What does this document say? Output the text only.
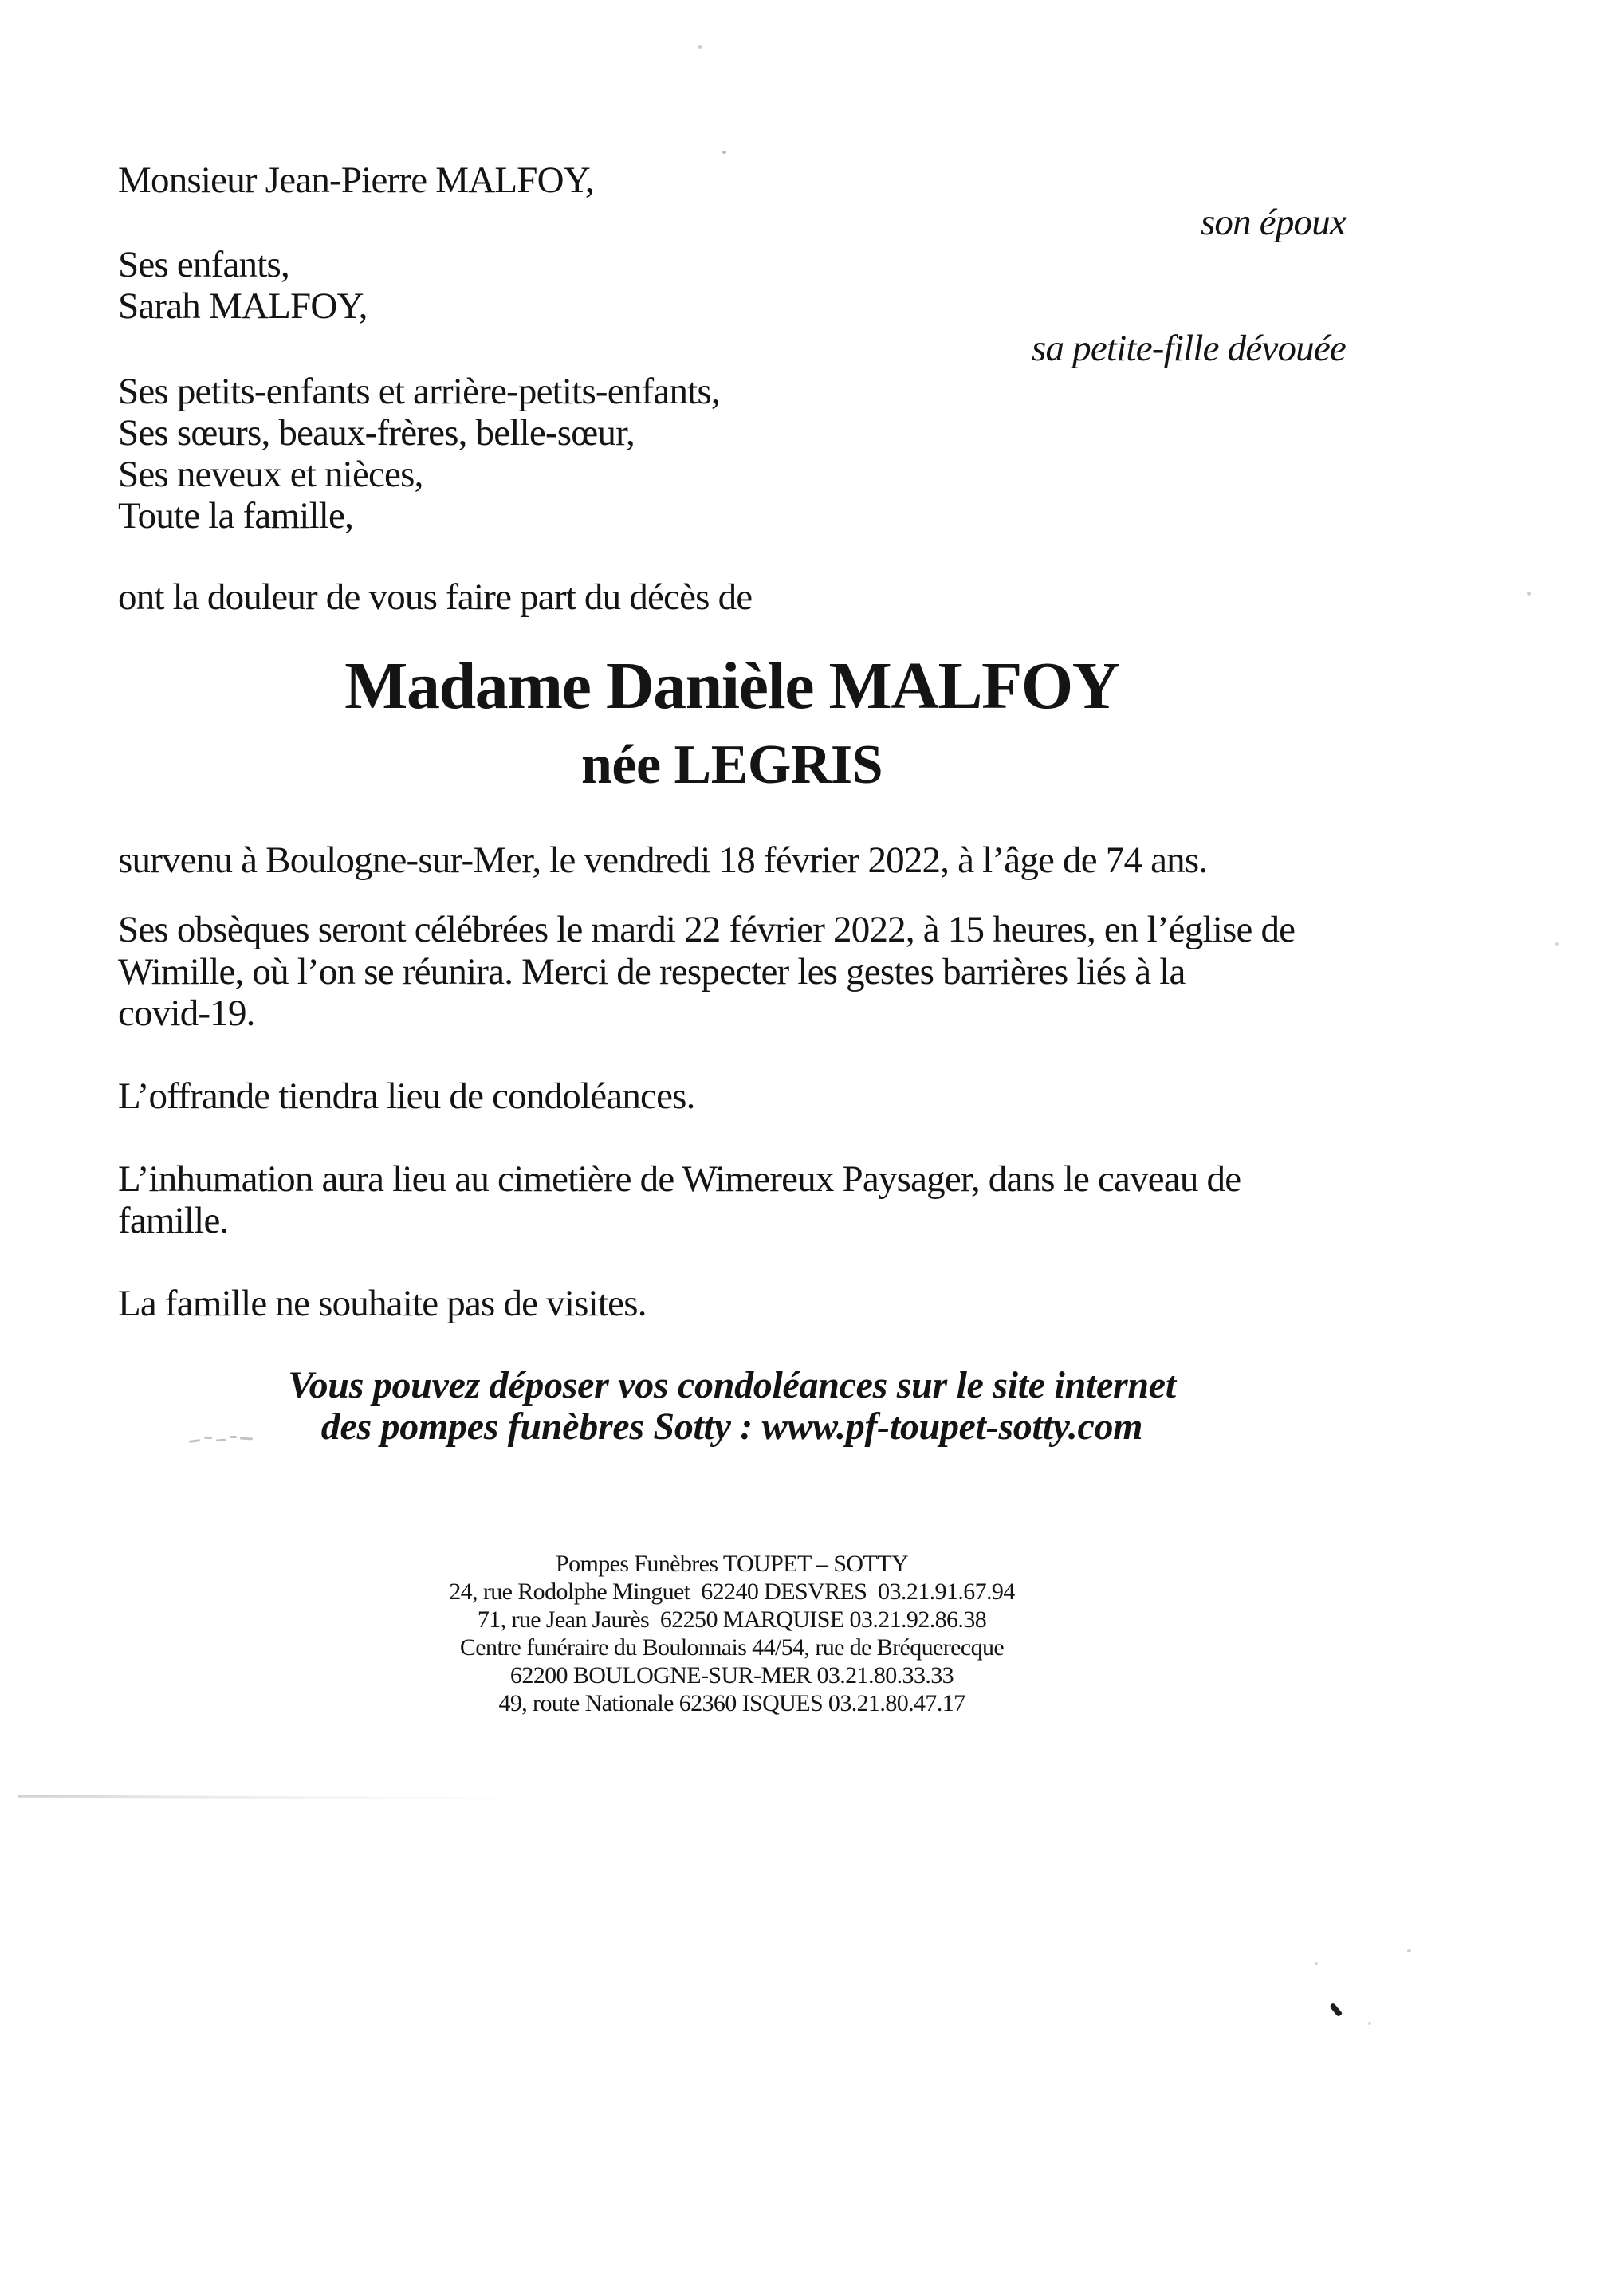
Monsieur Jean-Pierre MALFOY,
son époux
Ses enfants,
Sarah MALFOY,
sa petite-fille dévouée
Ses petits-enfants et arrière-petits-enfants,
Ses sœurs, beaux-frères, belle-sœur,
Ses neveux et nièces,
Toute la famille,
ont la douleur de vous faire part du décès de
Madame Danièle MALFOY
née LEGRIS
survenu à Boulogne-sur-Mer, le vendredi 18 février 2022, à l’âge de 74 ans.
Ses obsèques seront célébrées le mardi 22 février 2022, à 15 heures, en l’église de
Wimille, où l’on se réunira. Merci de respecter les gestes barrières liés à la
covid-19.
L’offrande tiendra lieu de condoléances.
L’inhumation aura lieu au cimetière de Wimereux Paysager, dans le caveau de
famille.
La famille ne souhaite pas de visites.
Vous pouvez déposer vos condoléances sur le site internet
des pompes funèbres Sotty : www.pf-toupet-sotty.com
Pompes Funèbres TOUPET – SOTTY
24, rue Rodolphe Minguet  62240 DESVRES  03.21.91.67.94
71, rue Jean Jaurès  62250 MARQUISE 03.21.92.86.38
Centre funéraire du Boulonnais 44/54, rue de Bréquerecque
62200 BOULOGNE-SUR-MER 03.21.80.33.33
49, route Nationale 62360 ISQUES 03.21.80.47.17
